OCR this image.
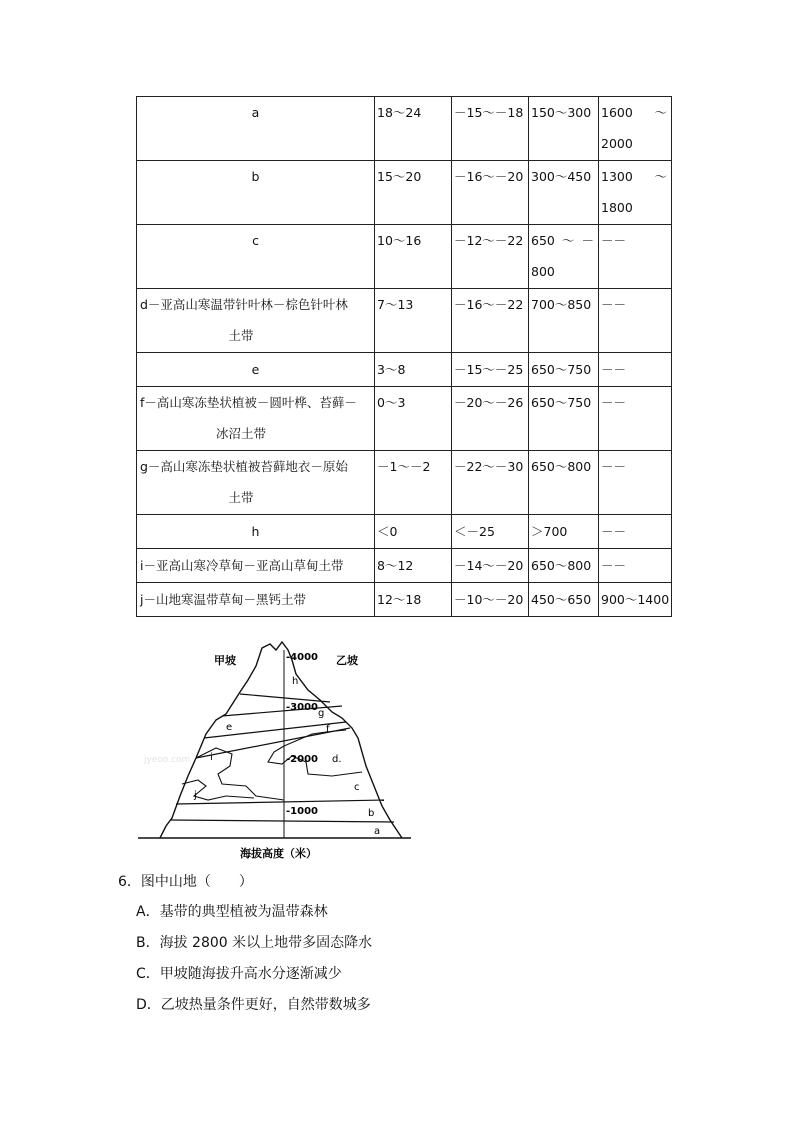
a	18～24	－15～－18	150～300	1600 ～
2000

b	15～20	－16～－20	300～450	1300 ～
1800

c	10～16	－12～－22	650 ～ －
800	－－

d－亚高山寒温带针叶林－棕色针叶林
土带	7～13	－16～－22	700～850	－－
e	3～8	－15～－25	650～750	－－

f－高山寒冻垫状植被－圆叶桦、苔藓－
冰沼土带	0～3	－20～－26	650～750	－－

g－高山寒冻垫状植被苔藓地衣－原始
土带	－1～－2	－22～－30	650～800	－－
h	＜0	＜－25	＞700	－－
i－亚高山寒冷草甸－亚高山草甸土带	8～12	－14～－20	650～800	－－
j－山地寒温带草甸－黑钙土带	12～18	－10～－20	450～650	900～1400
-4000
-3000
-2000
-1000
甲坡	乙坡
a
b
c
d.
e	f
g
h
i
j
jyeoo.com
海拔高度（米）
6．图中山地（　　）
A．基带的典型植被为温带森林
B．海拔 2800 米以上地带多固态降水
C．甲坡随海拔升高水分逐渐减少
D．乙坡热量条件更好，自然带数城多
